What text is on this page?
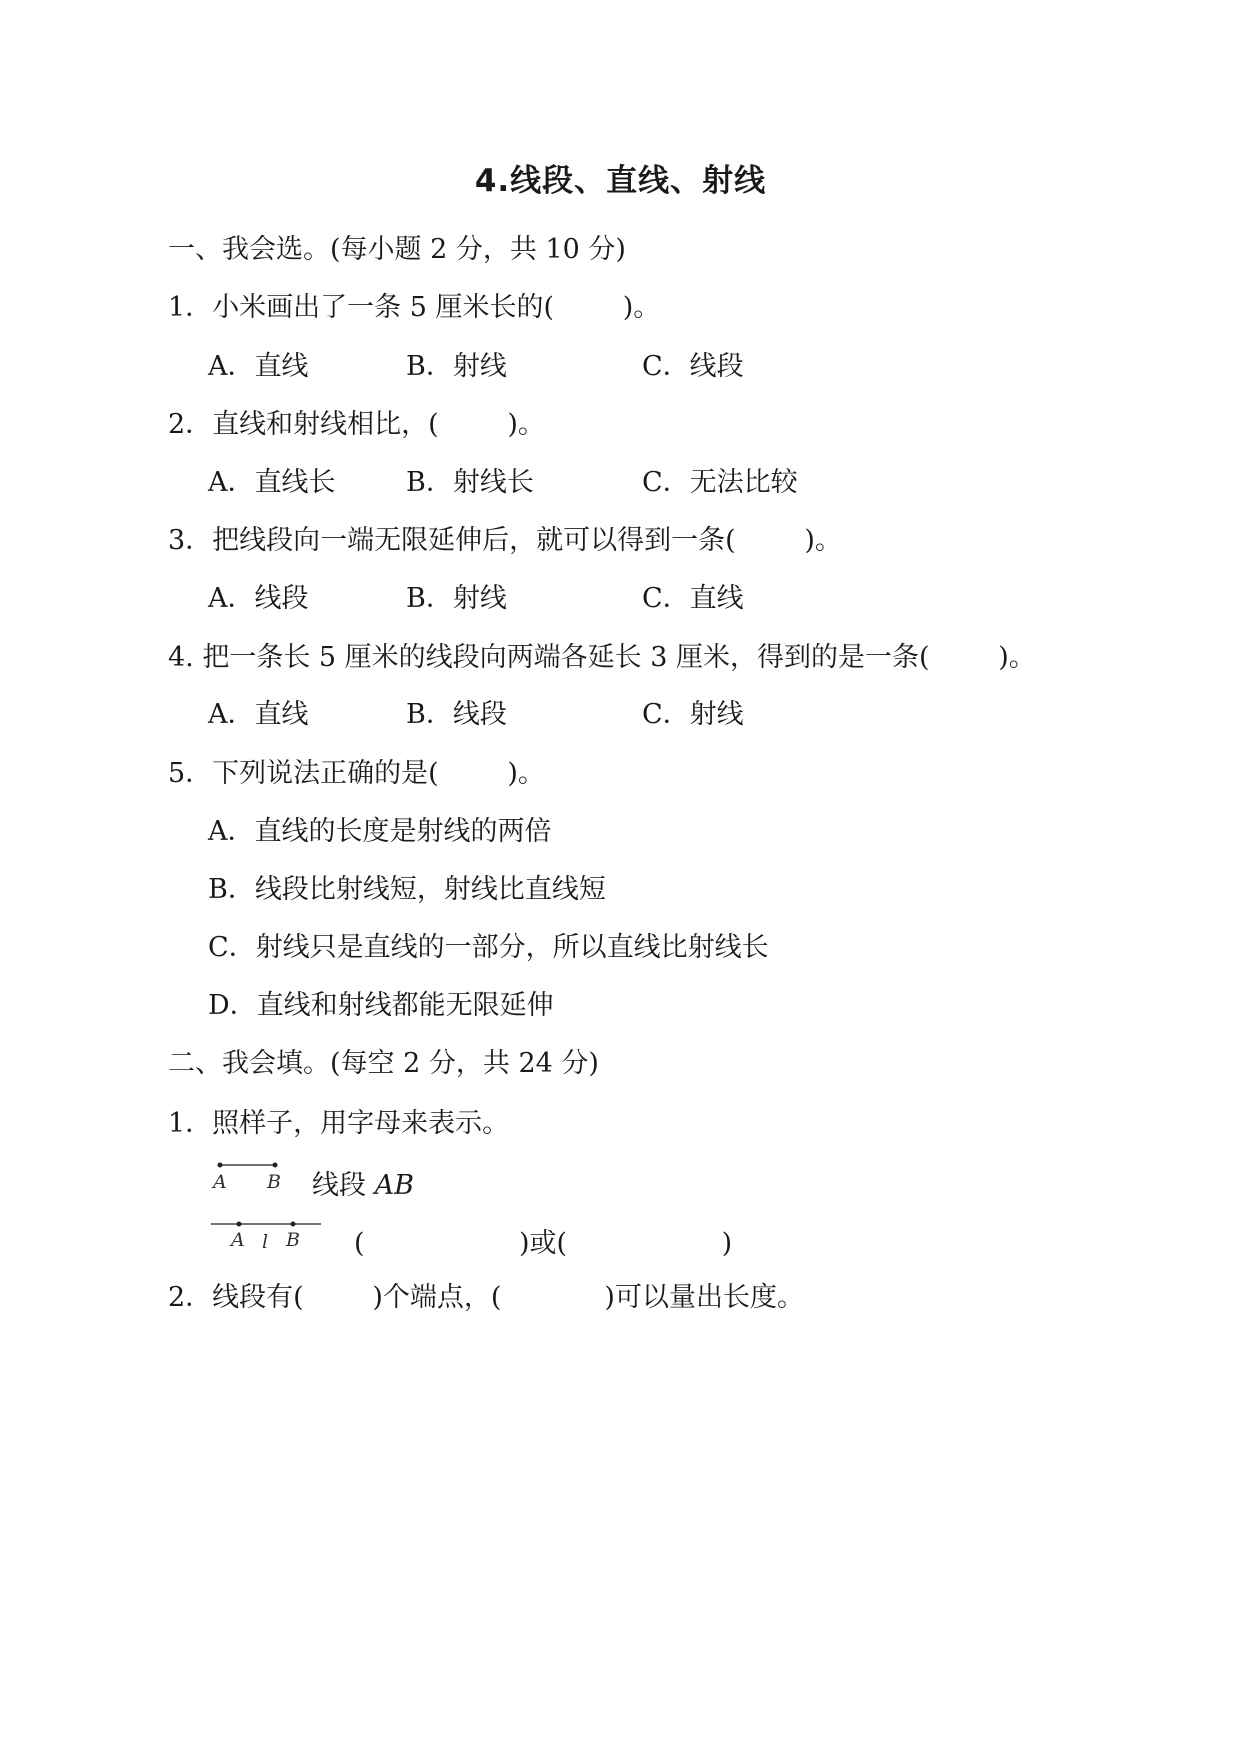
4.线段、直线、射线
一、我会选。(每小题 2 分，共 10 分)
1．小米画出了一条 5 厘米长的(        )。
A．直线	B．射线	C．线段
2．直线和射线相比，(        )。
A．直线长	B．射线长	C．无法比较
3．把线段向一端无限延伸后，就可以得到一条(        )。
A．线段	B．射线	C．直线
4. 把一条长 5 厘米的线段向两端各延长 3 厘米，得到的是一条(        )。
A．直线	B．线段	C．射线
5．下列说法正确的是(        )。
A．直线的长度是射线的两倍
B．线段比射线短，射线比直线短
C．射线只是直线的一部分，所以直线比射线长
D．直线和射线都能无限延伸
二、我会填。(每空 2 分，共 24 分)
1．照样子，用字母来表示。
A B 线段 AB
A l B (                  )或(                  )
2．线段有(        )个端点，(            )可以量出长度。
